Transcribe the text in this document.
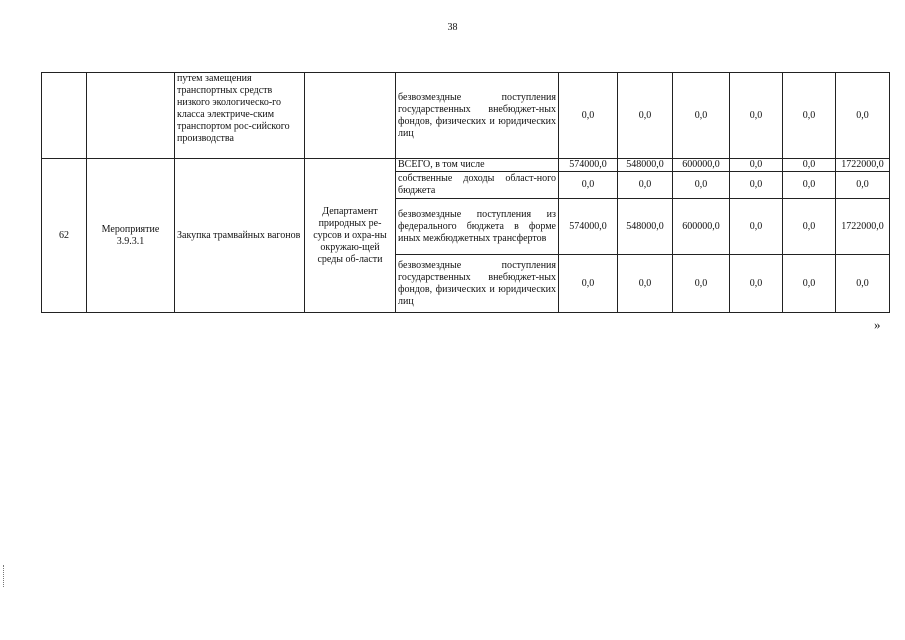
38
		путем замещения транспортных средств низкого экологическо-го класса электриче-ским транспортом рос-сийского производства		безвозмездные поступления государственных внебюджет-ных фондов, физических и юридических лиц	0,0	0,0	0,0	0,0	0,0	0,0
62	Мероприятие 3.9.3.1	Закупка трамвайных вагонов	Департамент природных ре-сурсов и охра-ны окружаю-щей среды об-ласти	ВСЕГО, в том числе	574000,0	548000,0	600000,0	0,0	0,0	1722000,0
				собственные доходы област-ного бюджета	0,0	0,0	0,0	0,0	0,0	0,0
				безвозмездные поступления из федерального бюджета в форме иных межбюджетных трансфертов	574000,0	548000,0	600000,0	0,0	0,0	1722000,0
				безвозмездные поступления государственных внебюджет-ных фондов, физических и юридических лиц	0,0	0,0	0,0	0,0	0,0	0,0
»
